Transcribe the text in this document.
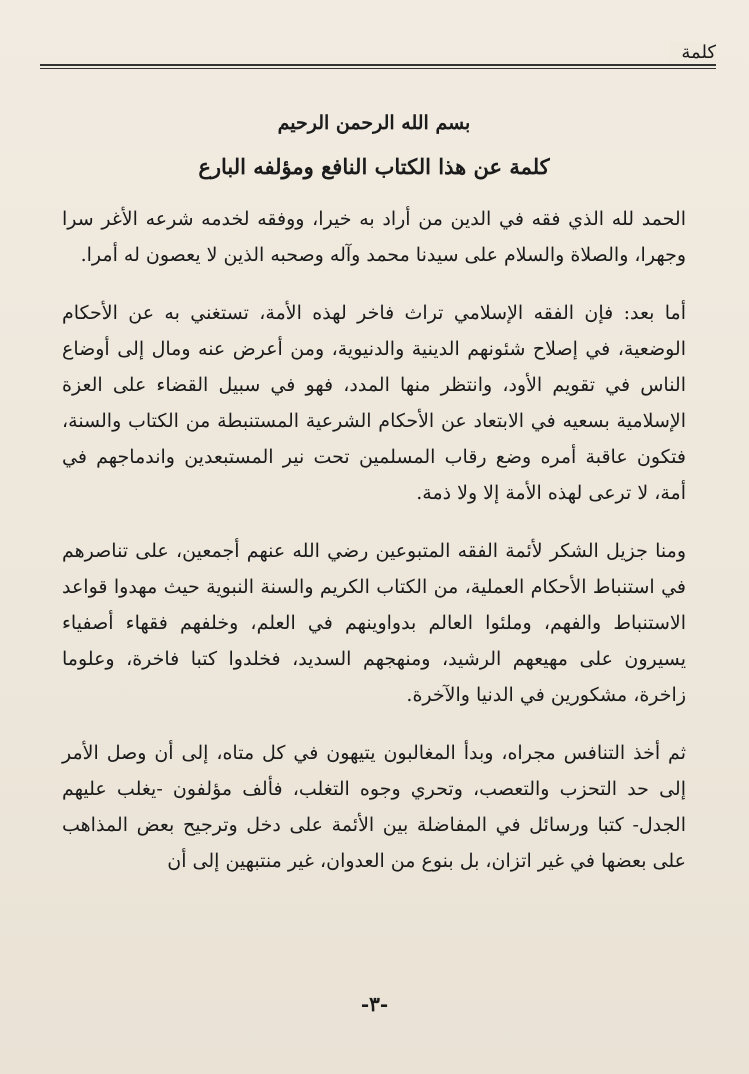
كلمة
بسم الله الرحمن الرحيم
كلمة عن هذا الكتاب النافع ومؤلفه البارع

الحمد لله الذي فقه في الدين من أراد به خيرا، ووفقه لخدمه شرعه الأغر سرا وجهرا، والصلاة والسلام على سيدنا محمد وآله وصحبه الذين لا يعصون له أمرا.

أما بعد: فإن الفقه الإسلامي تراث فاخر لهذه الأمة، تستغني به عن الأحكام الوضعية، في إصلاح شئونهم الدينية والدنيوية، ومن أعرض عنه ومال إلى أوضاع الناس في تقويم الأود، وانتظر منها المدد، فهو في سبيل القضاء على العزة الإسلامية بسعيه في الابتعاد عن الأحكام الشرعية المستنبطة من الكتاب والسنة، فتكون عاقبة أمره وضع رقاب المسلمين تحت نير المستبعدين واندماجهم في أمة، لا ترعى لهذه الأمة إلا ولا ذمة.

ومنا جزيل الشكر لأئمة الفقه المتبوعين رضي الله عنهم أجمعين، على تناصرهم في استنباط الأحكام العملية، من الكتاب الكريم والسنة النبوية حيث مهدوا قواعد الاستنباط والفهم، وملئوا العالم بدواوينهم في العلم، وخلفهم فقهاء أصفياء يسيرون على مهيعهم الرشيد، ومنهجهم السديد، فخلدوا كتبا فاخرة، وعلوما زاخرة، مشكورين في الدنيا والآخرة.

ثم أخذ التنافس مجراه، وبدأ المغالبون يتيهون في كل متاه، إلى أن وصل الأمر إلى حد التحزب والتعصب، وتحري وجوه التغلب، فألف مؤلفون -يغلب عليهم الجدل- كتبا ورسائل في المفاضلة بين الأئمة على دخل وترجيح بعض المذاهب على بعضها في غير اتزان، بل بنوع من العدوان، غير منتبهين إلى أن

-٣-
